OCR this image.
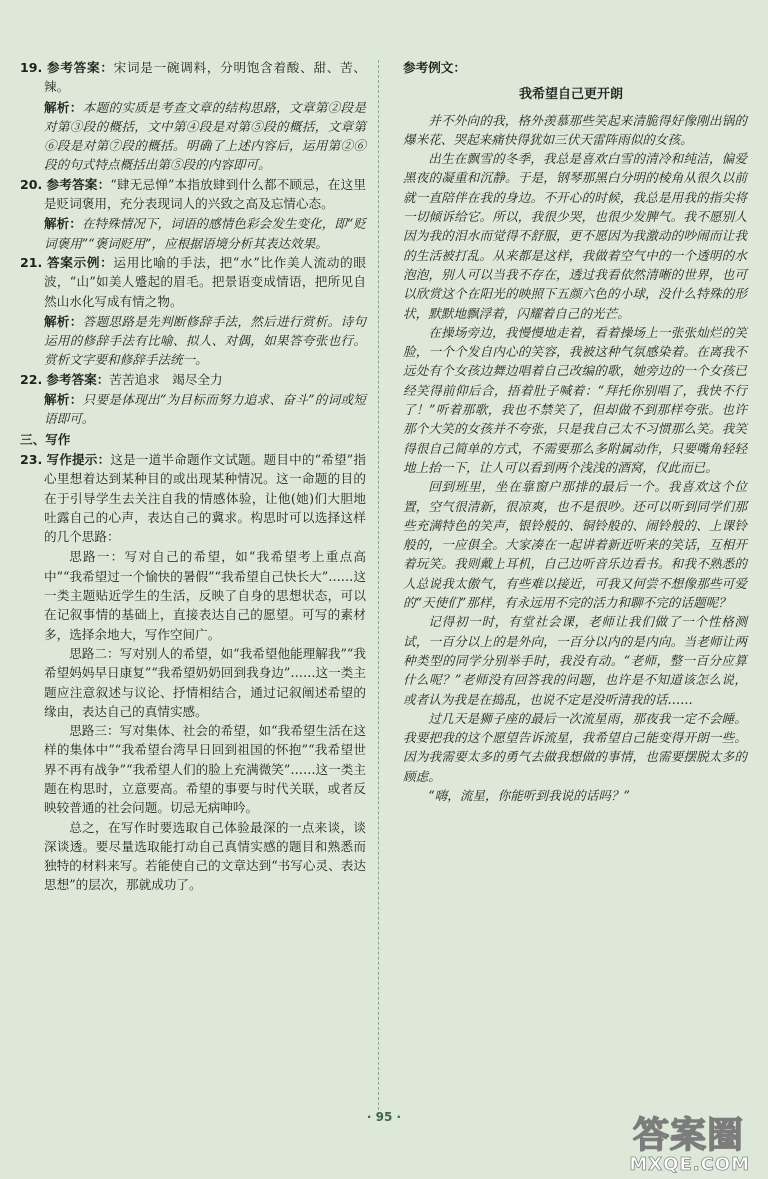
19. 参考答案：宋词是一碗调料，分明饱含着酸、甜、苦、辣。
解析：本题的实质是考查文章的结构思路，文章第②段是对第③段的概括，文中第④段是对第⑤段的概括，文章第⑥段是对第⑦段的概括。明确了上述内容后，运用第②⑥段的句式特点概括出第⑤段的内容即可。
20. 参考答案：“肆无忌惮”本指放肆到什么都不顾忌，在这里是贬词褒用，充分表现词人的兴致之高及忘情心态。
解析：在特殊情况下，词语的感情色彩会发生变化，即“贬词褒用”“褒词贬用”，应根据语境分析其表达效果。
21. 答案示例：运用比喻的手法，把“水”比作美人流动的眼波，“山”如美人蹙起的眉毛。把景语变成情语，把所见自然山水化写成有情之物。
解析：答题思路是先判断修辞手法，然后进行赏析。诗句运用的修辞手法有比喻、拟人、对偶，如果答夸张也行。赏析文字要和修辞手法统一。
22. 参考答案：苦苦追求　竭尽全力
解析：只要是体现出“为目标而努力追求、奋斗”的词或短语即可。
三、写作
23. 写作提示：这是一道半命题作文试题。题目中的“希望”指心里想着达到某种目的或出现某种情况。这一命题的目的在于引导学生去关注自我的情感体验，让他(她)们大胆地吐露自己的心声，表达自己的冀求。构思时可以选择这样的几个思路：

思路一：写对自己的希望，如“我希望考上重点高中”“我希望过一个愉快的暑假”“我希望自己快长大”……这一类主题贴近学生的生活，反映了自身的思想状态，可以在记叙事情的基础上，直接表达自己的愿望。可写的素材多，选择余地大，写作空间广。

思路二：写对别人的希望，如“我希望他能理解我”“我希望妈妈早日康复”“我希望奶奶回到我身边”……这一类主题应注意叙述与议论、抒情相结合，通过记叙阐述希望的缘由，表达自己的真情实感。

思路三：写对集体、社会的希望，如“我希望生活在这样的集体中”“我希望台湾早日回到祖国的怀抱”“我希望世界不再有战争”“我希望人们的脸上充满微笑”……这一类主题在构思时，立意要高。希望的事要与时代关联，或者反映较普通的社会问题。切忌无病呻吟。

总之，在写作时要选取自己体验最深的一点来谈，谈深谈透。要尽量选取能打动自己真情实感的题目和熟悉而独特的材料来写。若能使自己的文章达到“书写心灵、表达思想”的层次，那就成功了。

参考例文：
我希望自己更开朗

并不外向的我，格外羡慕那些笑起来清脆得好像刚出锅的爆米花、哭起来痛快得犹如三伏天雷阵雨似的女孩。

出生在飘雪的冬季，我总是喜欢白雪的清冷和纯洁，偏爱黑夜的凝重和沉静。于是，钢琴那黑白分明的棱角从很久以前就一直陪伴在我的身边。不开心的时候，我总是用我的指尖将一切倾诉给它。所以，我很少哭，也很少发脾气。我不愿别人因为我的泪水而觉得不舒服，更不愿因为我激动的吵闹而让我的生活被打乱。从来都是这样，我做着空气中的一个透明的水泡泡，别人可以当我不存在，透过我看依然清晰的世界，也可以欣赏这个在阳光的映照下五颜六色的小球，没什么特殊的形状，默默地飘浮着，闪耀着自己的光芒。

在操场旁边，我慢慢地走着，看着操场上一张张灿烂的笑脸，一个个发自内心的笑容，我被这种气氛感染着。在离我不远处有个女孩边舞边唱着自己改编的歌，她旁边的一个女孩已经笑得前仰后合，捂着肚子喊着：“拜托你别唱了，我快不行了！”听着那歌，我也不禁笑了，但却做不到那样夸张。也许那个大笑的女孩并不夸张，只是我自己太不习惯那么笑。我笑得很自己简单的方式，不需要那么多附属动作，只要嘴角轻轻地上抬一下，让人可以看到两个浅浅的酒窝，仅此而已。

回到班里，坐在靠窗户那排的最后一个。我喜欢这个位置，空气很清新，很凉爽，也不是很吵。还可以听到同学们那些充满特色的笑声，银铃般的、铜铃般的、闹铃般的、上课铃般的，一应俱全。大家凑在一起讲着新近听来的笑话，互相开着玩笑。我则戴上耳机，自己边听音乐边看书。和我不熟悉的人总说我太傲气，有些难以接近，可我又何尝不想像那些可爱的“天使们”那样，有永远用不完的活力和聊不完的话题呢？

记得初一时，有堂社会课，老师让我们做了一个性格测试，一百分以上的是外向，一百分以内的是内向。当老师让两种类型的同学分别举手时，我没有动。“老师，整一百分应算什么呢？”老师没有回答我的问题，也许是不知道该怎么说，或者认为我是在捣乱，也说不定是没听清我的话……

过几天是狮子座的最后一次流星雨，那夜我一定不会睡。我要把我的这个愿望告诉流星，我希望自己能变得开朗一些。因为我需要太多的勇气去做我想做的事情，也需要摆脱太多的顾虑。

“嗨，流星，你能听到我说的话吗？”

· 95 ·	答案圈
MXQE.COM
